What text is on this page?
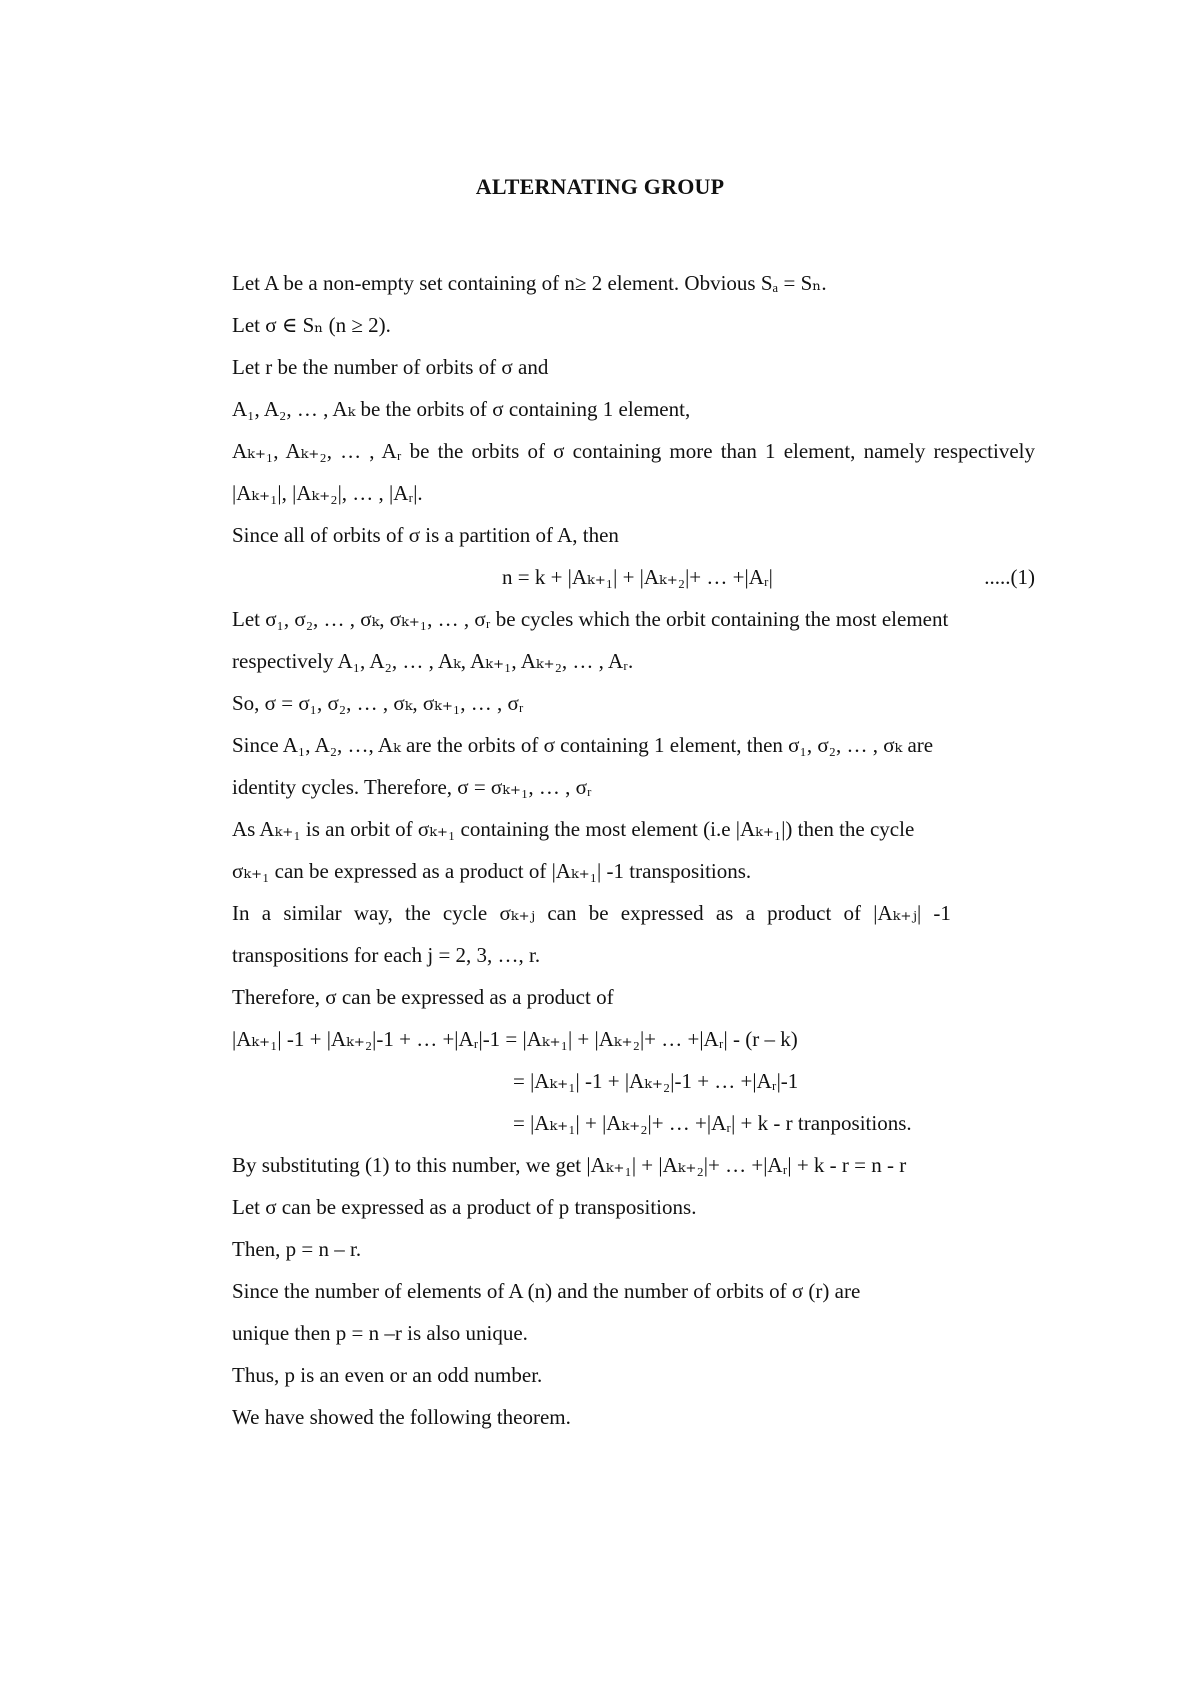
ALTERNATING GROUP
Let A be a non-empty set containing of n≥ 2 element. Obvious Sₐ = Sₙ.
Let σ ∈ Sₙ (n ≥ 2).
Let r be the number of orbits of σ and
A₁, A₂, … , Aₖ be the orbits of σ containing 1 element,
Aₖ₊₁, Aₖ₊₂, … , Aᵣ be the orbits of σ containing more than 1 element, namely respectively |Aₖ₊₁|, |Aₖ₊₂|, … , |Aᵣ|.
Since all of orbits of σ is a partition of A, then
n = k + |Aₖ₊₁| + |Aₖ₊₂|+ … +|Aᵣ|	.....(1)
Let σ₁, σ₂, … , σₖ, σₖ₊₁, … , σᵣ be cycles which the orbit containing the most element
respectively A₁, A₂, … , Aₖ, Aₖ₊₁, Aₖ₊₂, … , Aᵣ.
So, σ = σ₁, σ₂, … , σₖ, σₖ₊₁, … , σᵣ
Since A₁, A₂, …, Aₖ are the orbits of σ containing 1 element, then σ₁, σ₂, … , σₖ are
identity cycles. Therefore, σ = σₖ₊₁, … , σᵣ
As Aₖ₊₁ is an orbit of σₖ₊₁ containing the most element (i.e |Aₖ₊₁|) then the cycle
σₖ₊₁ can be expressed as a product of |Aₖ₊₁| -1 transpositions.
In a similar way, the cycle σₖ₊ⱼ can be expressed as a product of |Aₖ₊ⱼ| -1
transpositions for each j = 2, 3, …, r.
Therefore, σ can be expressed as a product of
|Aₖ₊₁| -1 + |Aₖ₊₂|-1 + … +|Aᵣ|-1 = |Aₖ₊₁| + |Aₖ₊₂|+ … +|Aᵣ| - (r – k)
= |Aₖ₊₁| -1 + |Aₖ₊₂|-1 + … +|Aᵣ|-1
= |Aₖ₊₁| + |Aₖ₊₂|+ … +|Aᵣ| + k - r tranpositions.
By substituting (1) to this number, we get |Aₖ₊₁| + |Aₖ₊₂|+ … +|Aᵣ| + k - r = n - r
Let σ can be expressed as a product of p transpositions.
Then, p = n – r.
Since the number of elements of A (n) and the number of orbits of σ (r) are
unique then p = n –r is also unique.
Thus, p is an even or an odd number.
We have showed the following theorem.
